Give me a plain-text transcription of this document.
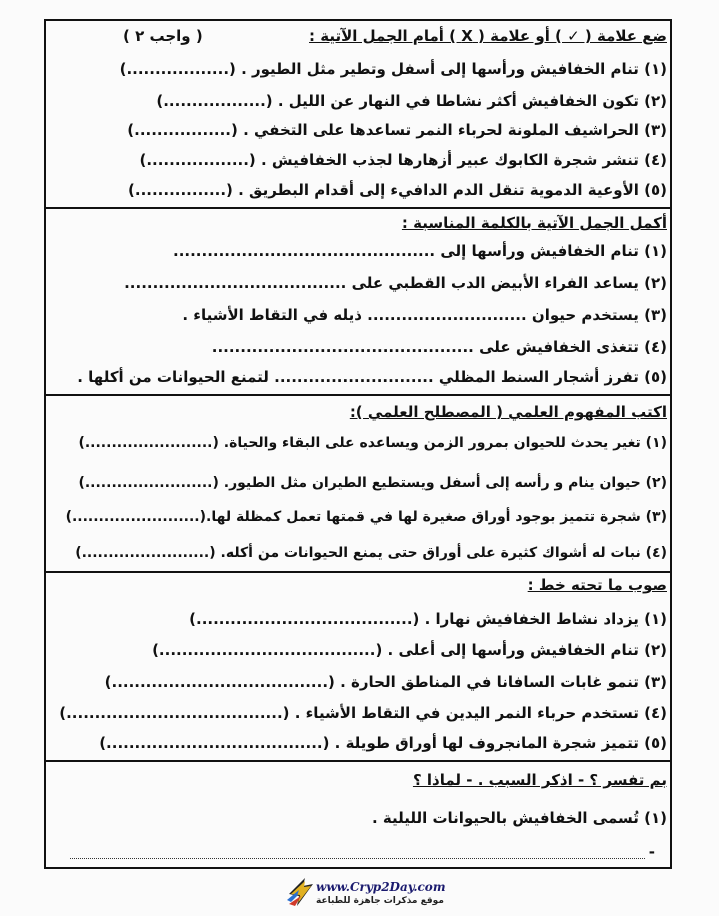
ضع علامة ( ✓ ) أو علامة ( X ) أمام الجمل الآتية :
( واجب ٢ )
(١) تنام الخفافيش ورأسها إلى أسفل وتطير مثل الطيور . (..................)
(٢) تكون الخفافيش أكثر نشاطا في النهار عن الليل . (..................)
(٣) الحراشيف الملونة لحرباء النمر تساعدها على التخفي . (.................)
(٤) تنشر شجرة الكابوك عبير أزهارها لجذب الخفافيش . (..................)
(٥) الأوعية الدموية تنقل الدم الدافيء إلى أقدام البطريق . (................)
أكمل الجمل الآتية بالكلمة المناسبة :
(١) تنام الخفافيش ورأسها إلى ..............................................
(٢) يساعد الفراء الأبيض الدب القطبي على .......................................
(٣) يستخدم حيوان ............................ ذيله في التقاط الأشياء .
(٤) تتغذى الخفافيش على ..............................................
(٥) تفرز أشجار السنط المظلي ............................ لتمنع الحيوانات من أكلها .
اكتب المفهوم العلمي ( المصطلح العلمي ):
(١) تغير يحدث للحيوان بمرور الزمن ويساعده على البقاء والحياة. (........................)
(٢) حيوان ينام و رأسه إلى أسفل ويستطيع الطيران مثل الطيور. (........................)
(٣) شجرة تتميز بوجود أوراق صغيرة لها في قمتها تعمل كمظلة لها.(........................)
(٤) نبات له أشواك كثيرة على أوراق حتى يمنع الحيوانات من أكله. (........................)
صوب ما تحته خط :
(١) يزداد نشاط الخفافيش نهارا . (......................................)
(٢) تنام الخفافيش ورأسها إلى أعلى . (......................................)
(٣) تنمو غابات السافانا في المناطق الحارة . (......................................)
(٤) تستخدم حرباء النمر اليدين في التقاط الأشياء . (......................................)
(٥) تتميز شجرة المانجروف لها أوراق طويلة . (......................................)
بم تفسر ؟ - اذكر السبب . - لماذا ؟
(١) تُسمى الخفافيش بالحيوانات الليلية .
-
www.Cryp2Day.com
موقع مذكرات جاهزة للطباعة
